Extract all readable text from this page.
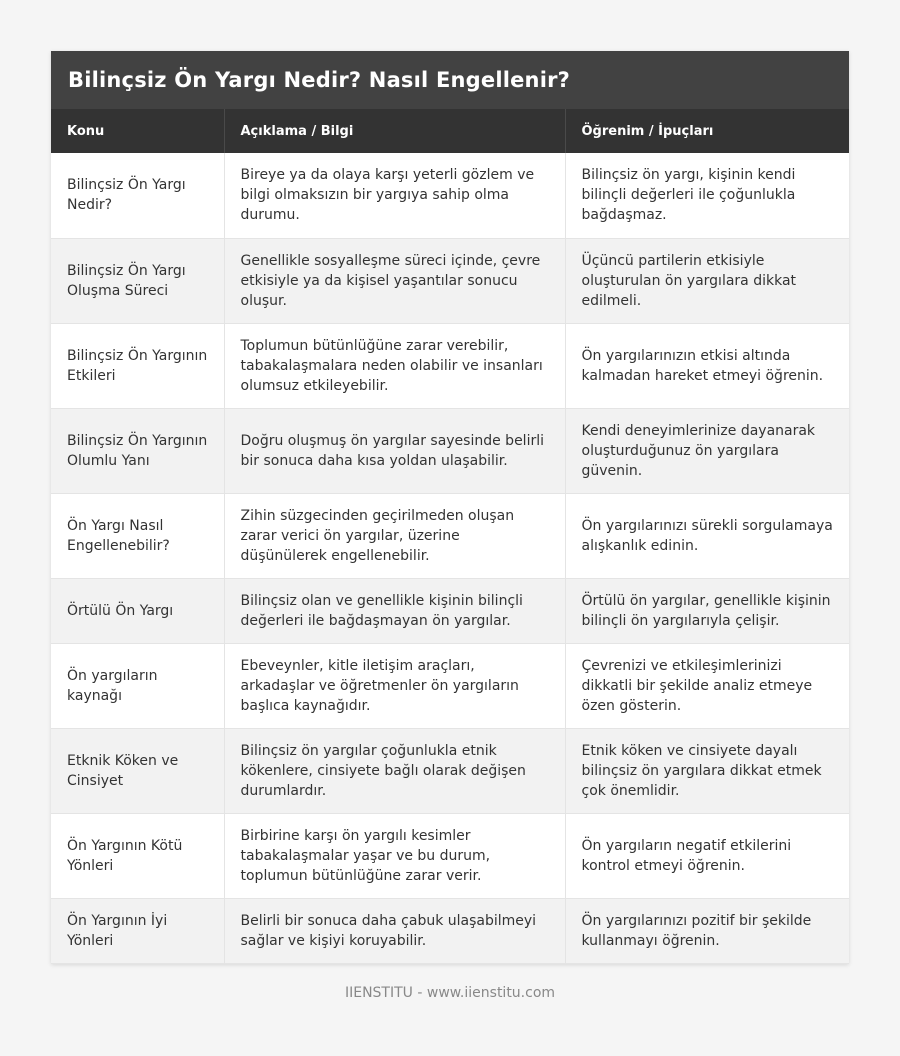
Bilinçsiz Ön Yargı Nedir? Nasıl Engellenir?
Konu	Açıklama / Bilgi	Öğrenim / İpuçları
Bilinçsiz Ön Yargı Nedir?	Bireye ya da olaya karşı yeterli gözlem ve bilgi olmaksızın bir yargıya sahip olma durumu.	Bilinçsiz ön yargı, kişinin kendi bilinçli değerleri ile çoğunlukla bağdaşmaz.
Bilinçsiz Ön Yargı Oluşma Süreci	Genellikle sosyalleşme süreci içinde, çevre etkisiyle ya da kişisel yaşantılar sonucu oluşur.	Üçüncü partilerin etkisiyle oluşturulan ön yargılara dikkat edilmeli.
Bilinçsiz Ön Yargının Etkileri	Toplumun bütünlüğüne zarar verebilir, tabakalaşmalara neden olabilir ve insanları olumsuz etkileyebilir.	Ön yargılarınızın etkisi altında kalmadan hareket etmeyi öğrenin.
Bilinçsiz Ön Yargının Olumlu Yanı	Doğru oluşmuş ön yargılar sayesinde belirli bir sonuca daha kısa yoldan ulaşabilir.	Kendi deneyimlerinize dayanarak oluşturduğunuz ön yargılara güvenin.
Ön Yargı Nasıl Engellenebilir?	Zihin süzgecinden geçirilmeden oluşan zarar verici ön yargılar, üzerine düşünülerek engellenebilir.	Ön yargılarınızı sürekli sorgulamaya alışkanlık edinin.
Örtülü Ön Yargı	Bilinçsiz olan ve genellikle kişinin bilinçli değerleri ile bağdaşmayan ön yargılar.	Örtülü ön yargılar, genellikle kişinin bilinçli ön yargılarıyla çelişir.
Ön yargıların kaynağı	Ebeveynler, kitle iletişim araçları, arkadaşlar ve öğretmenler ön yargıların başlıca kaynağıdır.	Çevrenizi ve etkileşimlerinizi dikkatli bir şekilde analiz etmeye özen gösterin.
Etknik Köken ve Cinsiyet	Bilinçsiz ön yargılar çoğunlukla etnik kökenlere, cinsiyete bağlı olarak değişen durumlardır.	Etnik köken ve cinsiyete dayalı bilinçsiz ön yargılara dikkat etmek çok önemlidir.
Ön Yargının Kötü Yönleri	Birbirine karşı ön yargılı kesimler tabakalaşmalar yaşar ve bu durum, toplumun bütünlüğüne zarar verir.	Ön yargıların negatif etkilerini kontrol etmeyi öğrenin.
Ön Yargının İyi Yönleri	Belirli bir sonuca daha çabuk ulaşabilmeyi sağlar ve kişiyi koruyabilir.	Ön yargılarınızı pozitif bir şekilde kullanmayı öğrenin.
IIENSTITU - www.iienstitu.com
